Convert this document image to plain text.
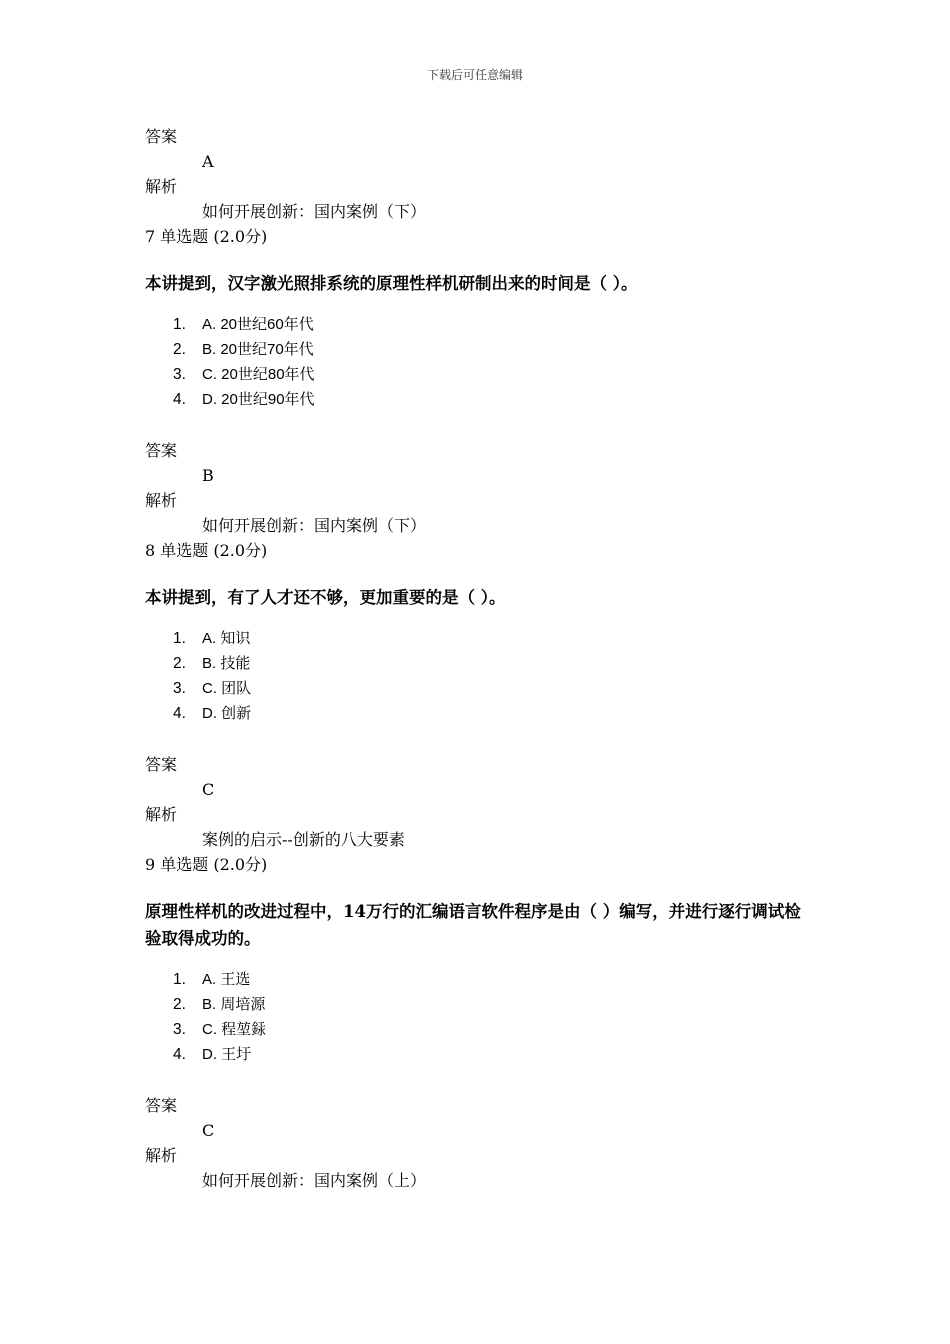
下载后可任意编辑
答案
A
解析
如何开展创新：国内案例（下）
7 单选题 (2.0分)
本讲提到，汉字激光照排系统的原理性样机研制出来的时间是（ ）。
1. A. 20世纪60年代
2. B. 20世纪70年代
3. C. 20世纪80年代
4. D. 20世纪90年代
答案
B
解析
如何开展创新：国内案例（下）
8 单选题 (2.0分)
本讲提到，有了人才还不够，更加重要的是（ ）。
1. A. 知识
2. B. 技能
3. C. 团队
4. D. 创新
答案
C
解析
案例的启示--创新的八大要素
9 单选题 (2.0分)
原理性样机的改进过程中，14万行的汇编语言软件程序是由（ ）编写，并进行逐行调试检验取得成功的。
1. A. 王选
2. B. 周培源
3. C. 程堃銾
4. D. 王圩
答案
C
解析
如何开展创新：国内案例（上）
